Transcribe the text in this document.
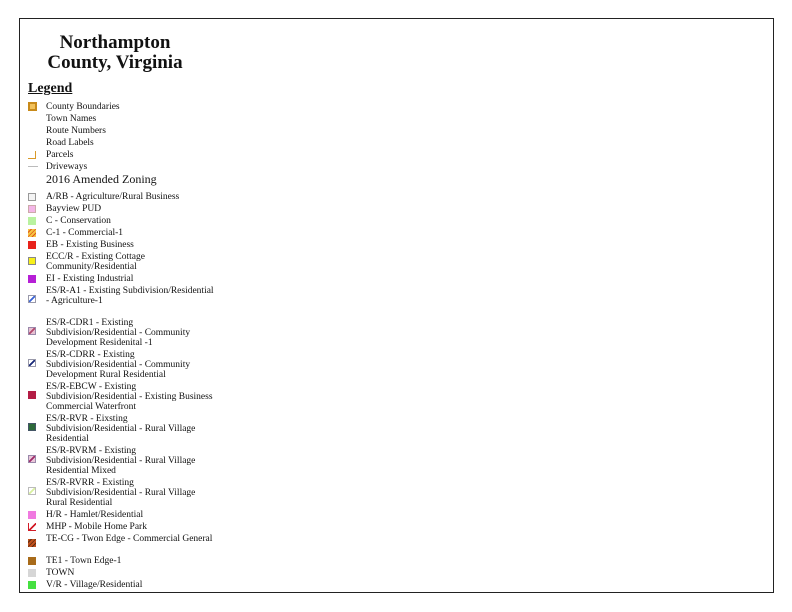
Northampton
County, Virginia
Legend
County Boundaries
Town Names
Route Numbers
Road Labels
Parcels
Driveways
2016 Amended Zoning
A/RB - Agriculture/Rural Business
Bayview PUD
C - Conservation
C-1 - Commercial-1
EB - Existing Business
ECC/R - Existing Cottage Community/Residential
EI - Existing Industrial
ES/R-A1 - Existing Subdivision/Residential - Agriculture-1
ES/R-CDR1 - Existing Subdivision/Residential - Community Development Residenital -1
ES/R-CDRR - Existing Subdivision/Residential - Community Development Rural Residential
ES/R-EBCW - Existing Subdivision/Residential - Existing Business Commercial Waterfront
ES/R-RVR - Eixsting Subdivision/Residential - Rural Village Residential
ES/R-RVRM - Existing Subdivision/Residential - Rural Village Residential Mixed
ES/R-RVRR - Existing Subdivision/Residential - Rural Village Rural Residential
H/R - Hamlet/Residential
MHP - Mobile Home Park
TE-CG - Twon Edge - Commercial General
TE1 - Town Edge-1
TOWN
V/R - Village/Residential
